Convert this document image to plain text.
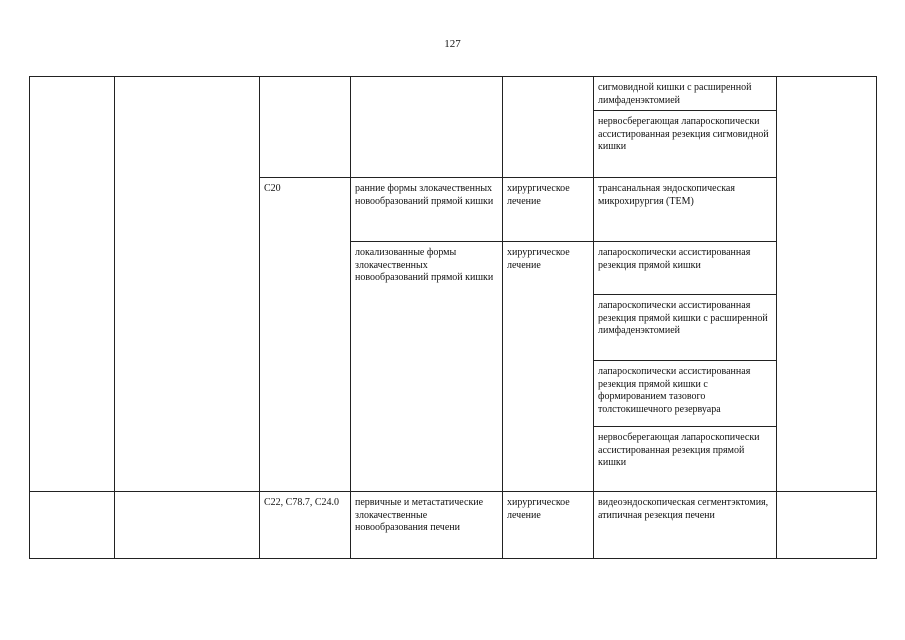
127
					сигмовидной кишки с расширенной лимфаденэктомией	
					нервосберегающая лапароскопически ассистированная резекция сигмовидной кишки	
		С20	ранние формы злокачественных новообразований прямой кишки	хирургическое лечение	трансанальная эндоскопическая микрохирургия (ТЕМ)	
			локализованные формы злокачественных новообразований прямой кишки	хирургическое лечение	лапароскопически ассистированная резекция прямой кишки	
					лапароскопически ассистированная резекция прямой кишки с расширенной лимфаденэктомией	
					лапароскопически ассистированная резекция прямой кишки с формированием тазового толстокишечного резервуара	
					нервосберегающая лапароскопически ассистированная резекция прямой кишки	
		С22, С78.7, С24.0	первичные и метастатические злокачественные новообразования печени	хирургическое лечение	видеоэндоскопическая сегментэктомия, атипичная резекция печени	
